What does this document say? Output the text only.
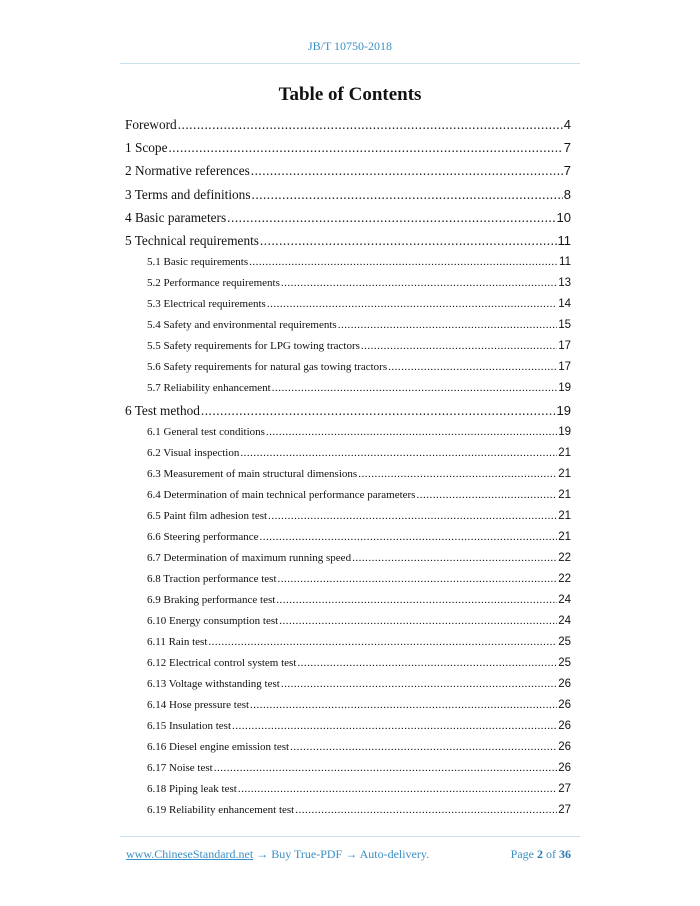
JB/T 10750-2018
Table of Contents
Foreword .....	4
1 Scope .....	7
2 Normative references .....	7
3 Terms and definitions .....	8
4 Basic parameters .....	10
5 Technical requirements .....	11
5.1 Basic requirements .....	11
5.2 Performance requirements .....	13
5.3 Electrical requirements .....	14
5.4 Safety and environmental requirements .....	15
5.5 Safety requirements for LPG towing tractors .....	17
5.6 Safety requirements for natural gas towing tractors .....	17
5.7 Reliability enhancement .....	19
6 Test method .....	19
6.1 General test conditions .....	19
6.2 Visual inspection .....	21
6.3 Measurement of main structural dimensions .....	21
6.4 Determination of main technical performance parameters .....	21
6.5 Paint film adhesion test .....	21
6.6 Steering performance .....	21
6.7 Determination of maximum running speed .....	22
6.8 Traction performance test .....	22
6.9 Braking performance test .....	24
6.10 Energy consumption test .....	24
6.11 Rain test .....	25
6.12 Electrical control system test .....	25
6.13 Voltage withstanding test .....	26
6.14 Hose pressure test .....	26
6.15 Insulation test .....	26
6.16 Diesel engine emission test .....	26
6.17 Noise test .....	26
6.18 Piping leak test .....	27
6.19 Reliability enhancement test .....	27
www.ChineseStandard.net → Buy True-PDF → Auto-delivery.	Page 2 of 36
